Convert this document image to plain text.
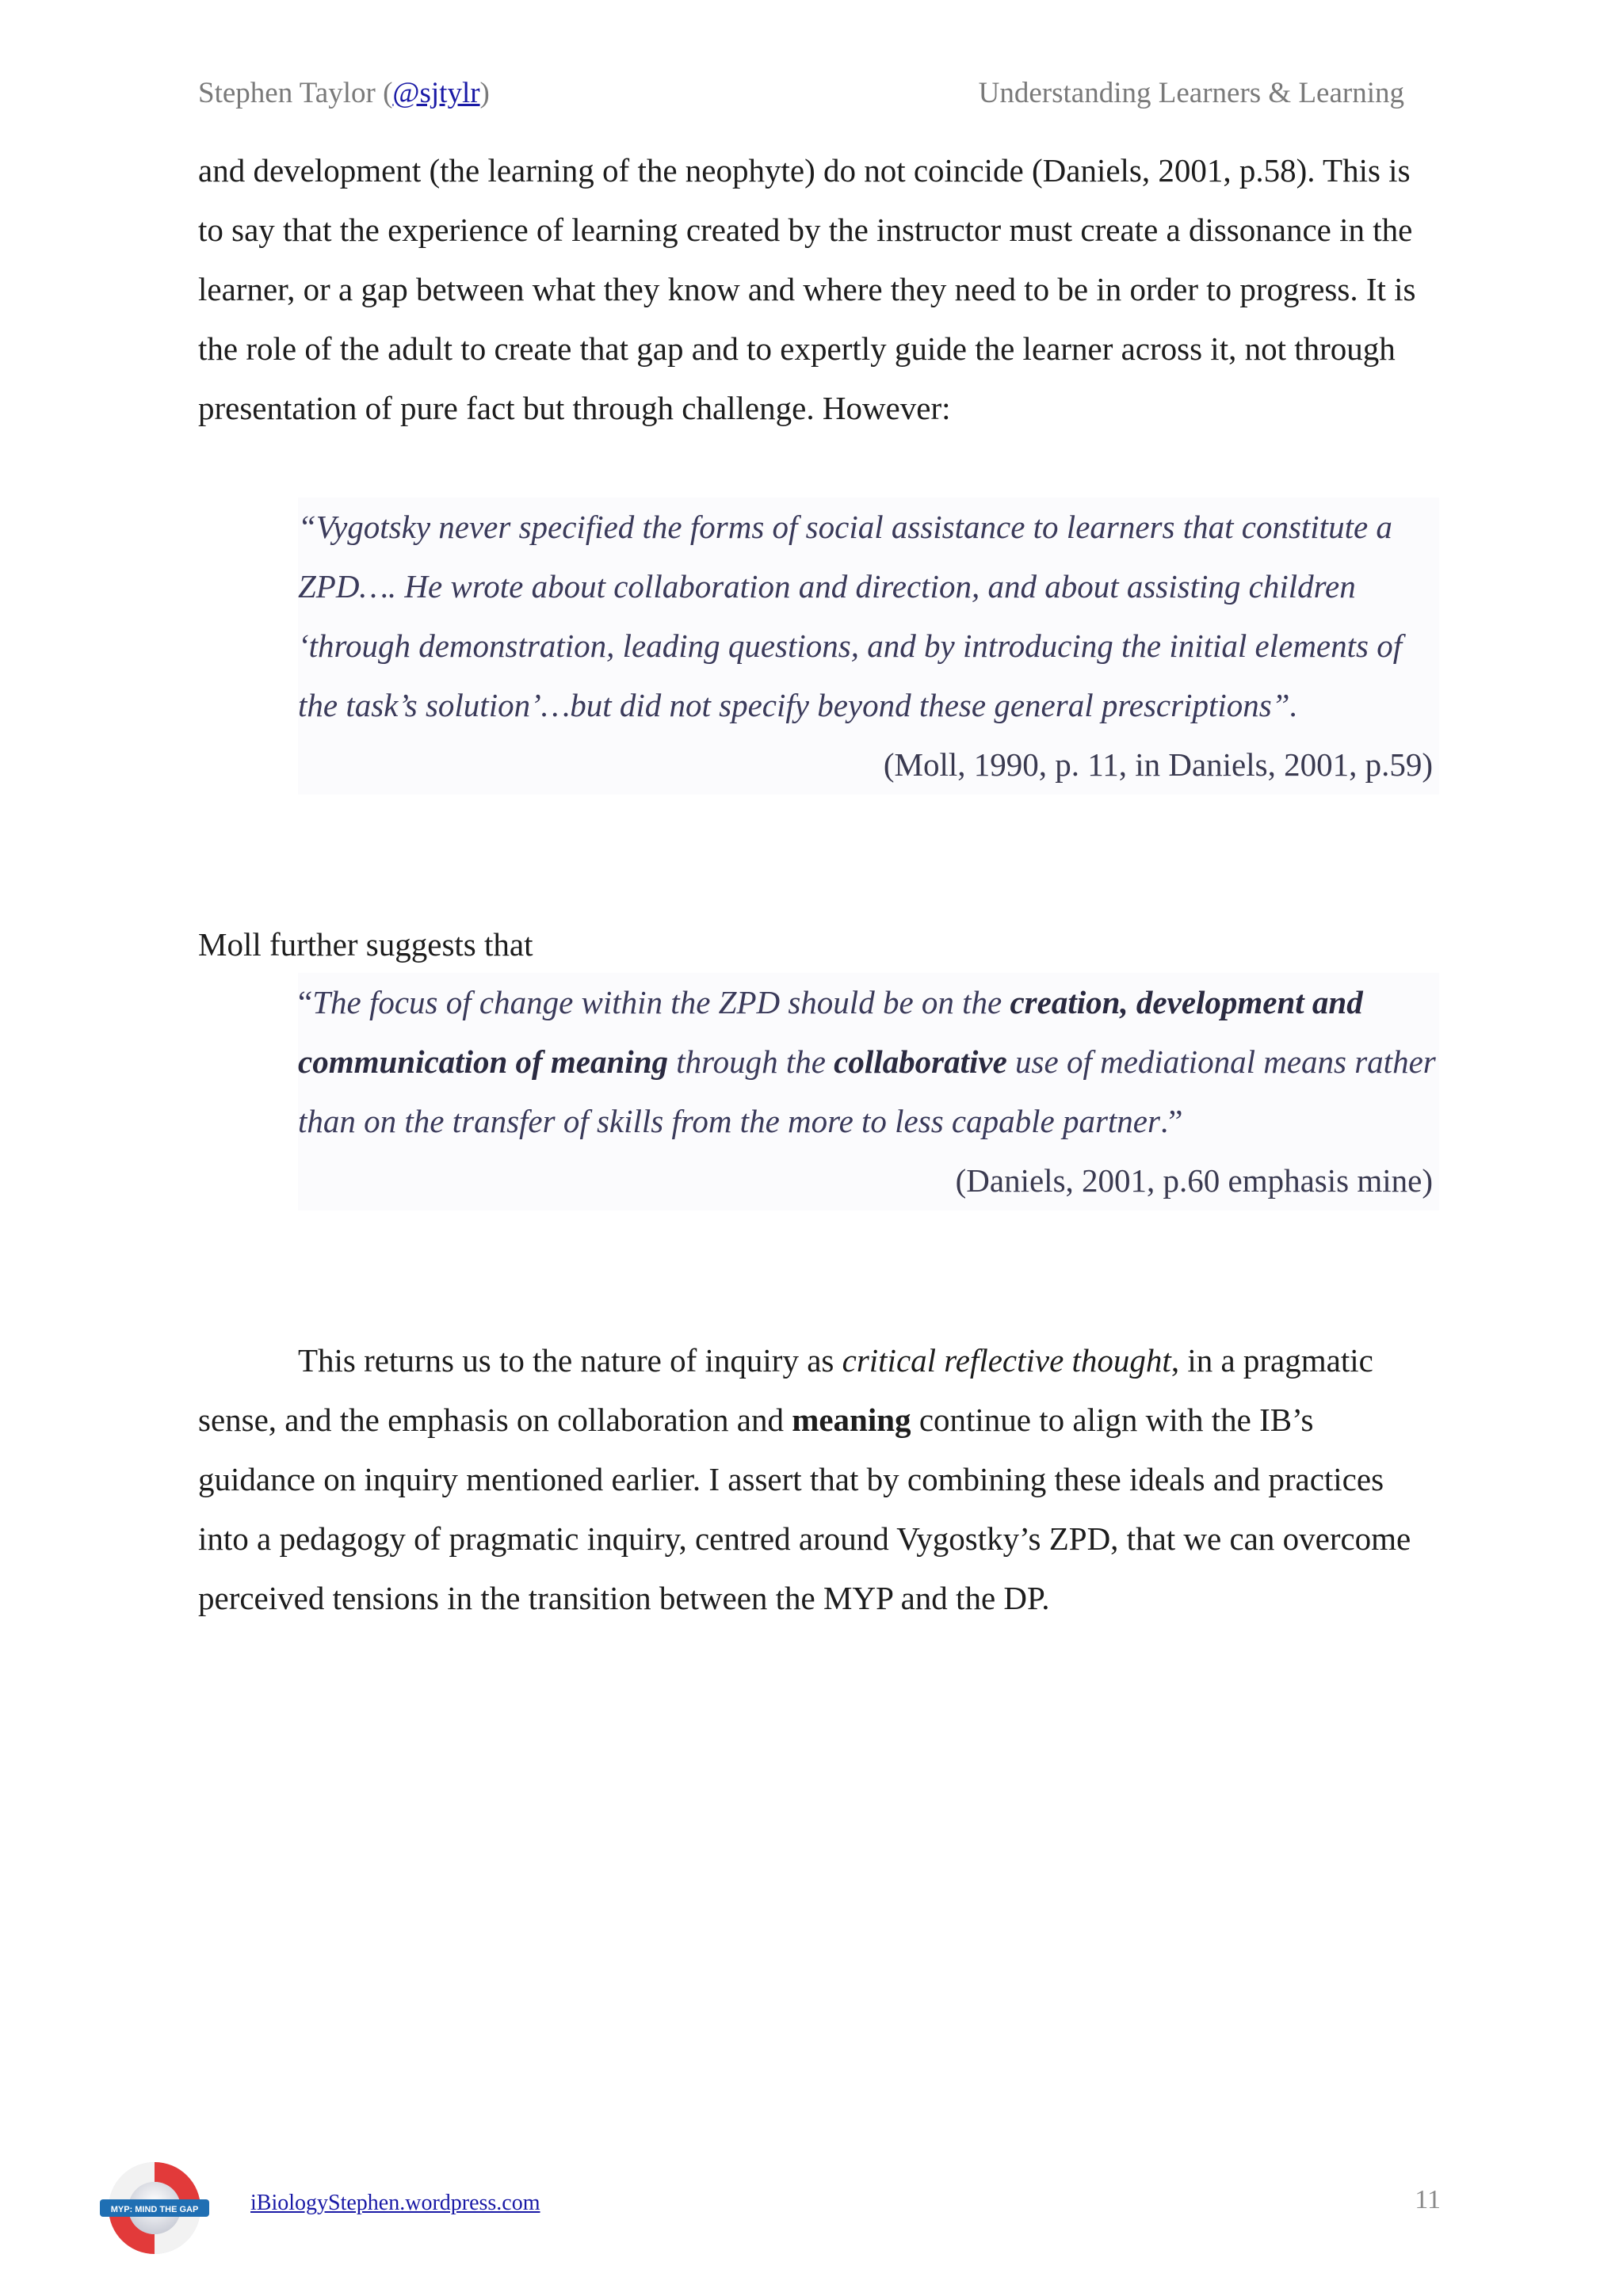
Stephen Taylor (@sjtylr)	Understanding Learners & Learning
and development (the learning of the neophyte) do not coincide (Daniels, 2001, p.58). This is to say that the experience of learning created by the instructor must create a dissonance in the learner, or a gap between what they know and where they need to be in order to progress. It is the role of the adult to create that gap and to expertly guide the learner across it, not through presentation of pure fact but through challenge. However:
“Vygotsky never specified the forms of social assistance to learners that constitute a ZPD…. He wrote about collaboration and direction, and about assisting children ‘through demonstration, leading questions, and by introducing the initial elements of the task’s solution’…but did not specify beyond these general prescriptions”.
(Moll, 1990, p. 11, in Daniels, 2001, p.59)
Moll further suggests that
“The focus of change within the ZPD should be on the creation, development and communication of meaning through the collaborative use of mediational means rather than on the transfer of skills from the more to less capable partner.”
(Daniels, 2001, p.60 emphasis mine)
This returns us to the nature of inquiry as critical reflective thought, in a pragmatic sense, and the emphasis on collaboration and meaning continue to align with the IB’s guidance on inquiry mentioned earlier. I assert that by combining these ideals and practices into a pedagogy of pragmatic inquiry, centred around Vygostky’s ZPD, that we can overcome perceived tensions in the transition between the MYP and the DP.
MYP: MIND THE GAP iBiologyStephen.wordpress.com	11
